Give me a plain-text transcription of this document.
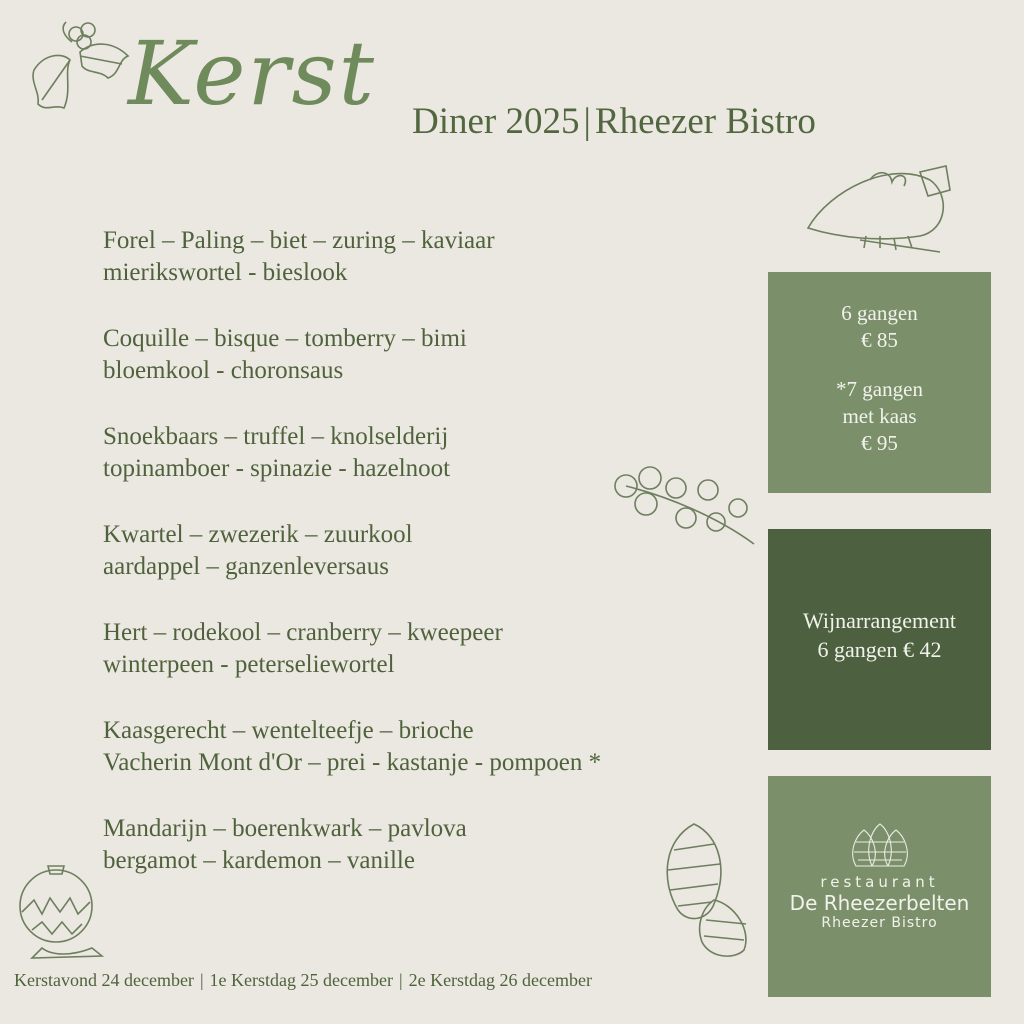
Kerst Diner 2025 | Rheezer Bistro
Forel – Paling – biet – zuring – kaviaar
mierikswortel - bieslook
Coquille – bisque – tomberry – bimi
bloemkool - choronsaus
Snoekbaars – truffel – knolselderij
topinamboer - spinazie - hazelnoot
Kwartel – zwezerik – zuurkool
aardappel – ganzenleversaus
Hert – rodekool – cranberry – kweepeer
winterpeen - peterseliewortel
Kaasgerecht – wentelteefje – brioche
Vacherin Mont d'Or – prei - kastanje - pompoen *
Mandarijn – boerenkwark – pavlova
bergamot – kardemon – vanille
6 gangen
€ 85
*7 gangen
met kaas
€ 95
Wijnarrangement
6 gangen € 42
restaurant
De Rheezerbelten
Rheezer Bistro
Kerstavond 24 december | 1e Kerstdag 25 december | 2e Kerstdag 26 december
